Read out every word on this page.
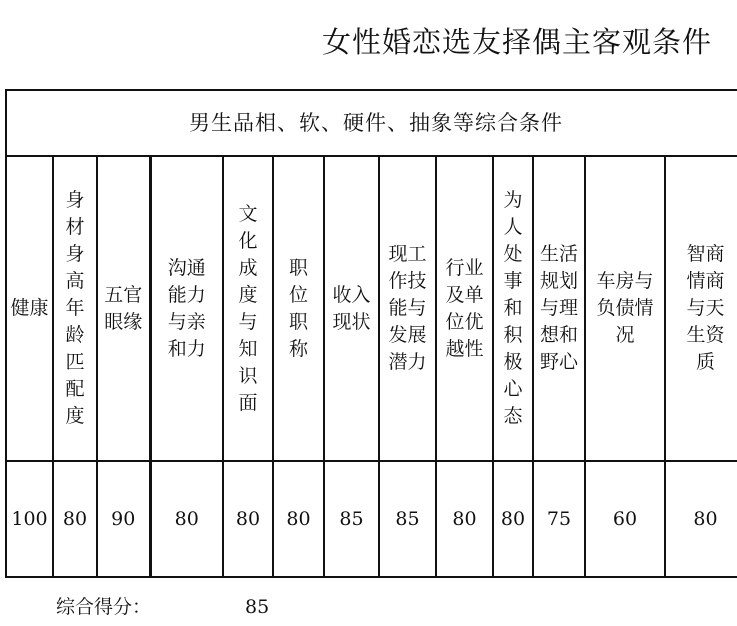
女性婚恋选友择偶主客观条件
男生品相、软、硬件、抽象等综合条件												

健康	身材身高年龄匹配度	五官眼缘	沟通能力与亲和力	文化成度与知识面	职位职称	收入现状	现工作技能与发展潜力	行业及单位优越性	为人处事和积极心态	生活规划与理想和野心	车房与负债情况	智商情商与天生资质

100	80	90	80	80	80	85	85	80	80	75	60	80
综合得分：	85
